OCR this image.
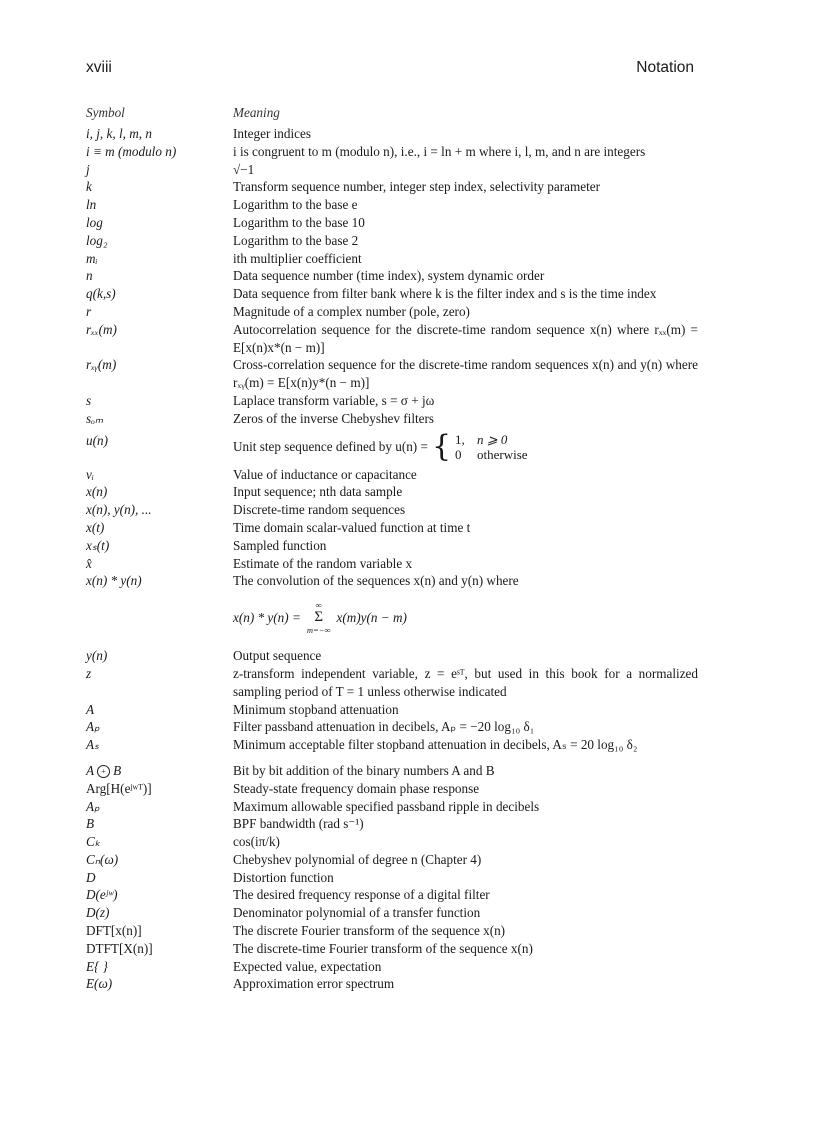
xviii	Notation
Symbol	Meaning
i, j, k, l, m, n	Integer indices
i ≡ m (modulo n)	i is congruent to m (modulo n), i.e., i = ln + m where i, l, m, and n are integers
j	√−1
k	Transform sequence number, integer step index, selectivity parameter
ln	Logarithm to the base e
log	Logarithm to the base 10
log₂	Logarithm to the base 2
mᵢ	ith multiplier coefficient
n	Data sequence number (time index), system dynamic order
q(k,s)	Data sequence from filter bank where k is the filter index and s is the time index
r	Magnitude of a complex number (pole, zero)
rₓₓ(m)	Autocorrelation sequence for the discrete-time random sequence x(n) where rₓₓ(m) = E[x(n)x*(n − m)]
rₓᵧ(m)	Cross-correlation sequence for the discrete-time random sequences x(n) and y(n) where rₓᵧ(m) = E[x(n)y*(n − m)]
s	Laplace transform variable, s = σ + jω
sₒₘ	Zeros of the inverse Chebyshev filters
u(n)	Unit step sequence defined by u(n) = { 1, n ⩾ 0
0 otherwise
vᵢ	Value of inductance or capacitance
x(n)	Input sequence; nth data sample
x(n), y(n), ...	Discrete-time random sequences
x(t)	Time domain scalar-valued function at time t
xₛ(t)	Sampled function
x̂	Estimate of the random variable x
x(n) * y(n)	The convolution of the sequences x(n) and y(n) where
x(n) * y(n) =
∞
Σ
m=−∞
x(m)y(n − m)
y(n)	Output sequence
z	z-transform independent variable, z = eˢᵀ, but used in this book for a normalized sampling period of T = 1 unless otherwise indicated
A	Minimum stopband attenuation
Aₚ	Filter passband attenuation in decibels, Aₚ = −20 log₁₀ δ₁
Aₛ	Minimum acceptable filter stopband attenuation in decibels, Aₛ = 20 log₁₀ δ₂
A + B	Bit by bit addition of the binary numbers A and B
Arg[H(eʲʷᵀ)]	Steady-state frequency domain phase response
Aₚ	Maximum allowable specified passband ripple in decibels
B	BPF bandwidth (rad s⁻¹)
Cₖ	cos(iπ/k)
Cₙ(ω)	Chebyshev polynomial of degree n (Chapter 4)
D	Distortion function
D(eʲʷ)	The desired frequency response of a digital filter
D(z)	Denominator polynomial of a transfer function
DFT[x(n)]	The discrete Fourier transform of the sequence x(n)
DTFT[X(n)]	The discrete-time Fourier transform of the sequence x(n)
E{ }	Expected value, expectation
E(ω)	Approximation error spectrum
